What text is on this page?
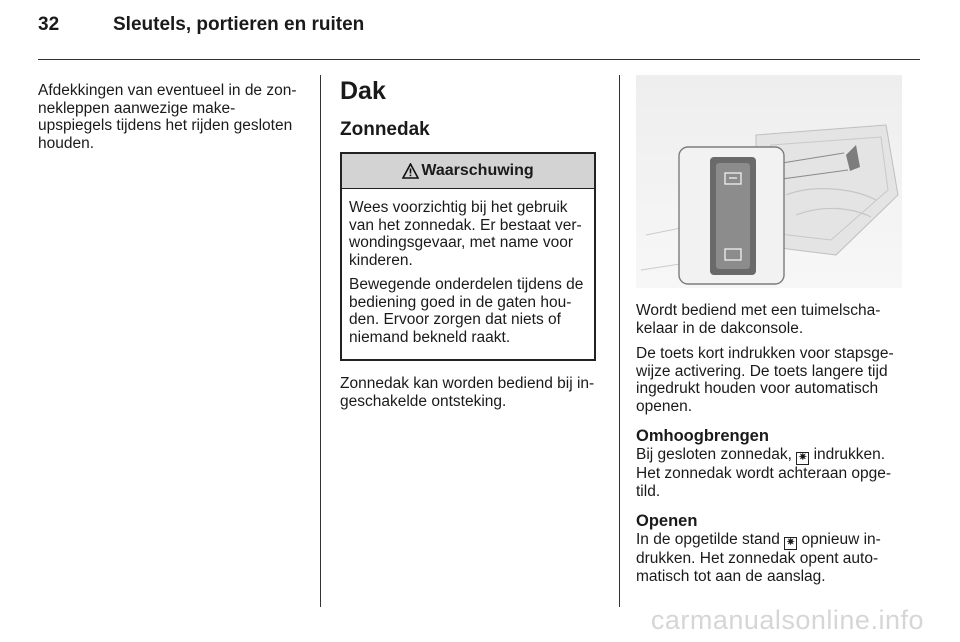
32	Sleutels, portieren en ruiten

Afdekkingen van eventueel in de zonnekleppen aanwezige make-upspiegels tijdens het rijden gesloten houden.

Dak
Zonnedak
Waarschuwing

Wees voorzichtig bij het gebruik van het zonnedak. Er bestaat verwondingsgevaar, met name voor kinderen.

Bewegende onderdelen tijdens de bediening goed in de gaten houden. Ervoor zorgen dat niets of niemand bekneld raakt.

Zonnedak kan worden bediend bij ingeschakelde ontsteking.

Wordt bediend met een tuimelschakelaar in de dakconsole.

De toets kort indrukken voor stapsgewijze activering. De toets langere tijd ingedrukt houden voor automatisch openen.

Omhoogbrengen
Bij gesloten zonnedak, ✷ indrukken. Het zonnedak wordt achteraan opgetild.
Openen
In de opgetilde stand ✷ opnieuw indrukken. Het zonnedak opent automatisch tot aan de aanslag.
carmanualsonline.info
